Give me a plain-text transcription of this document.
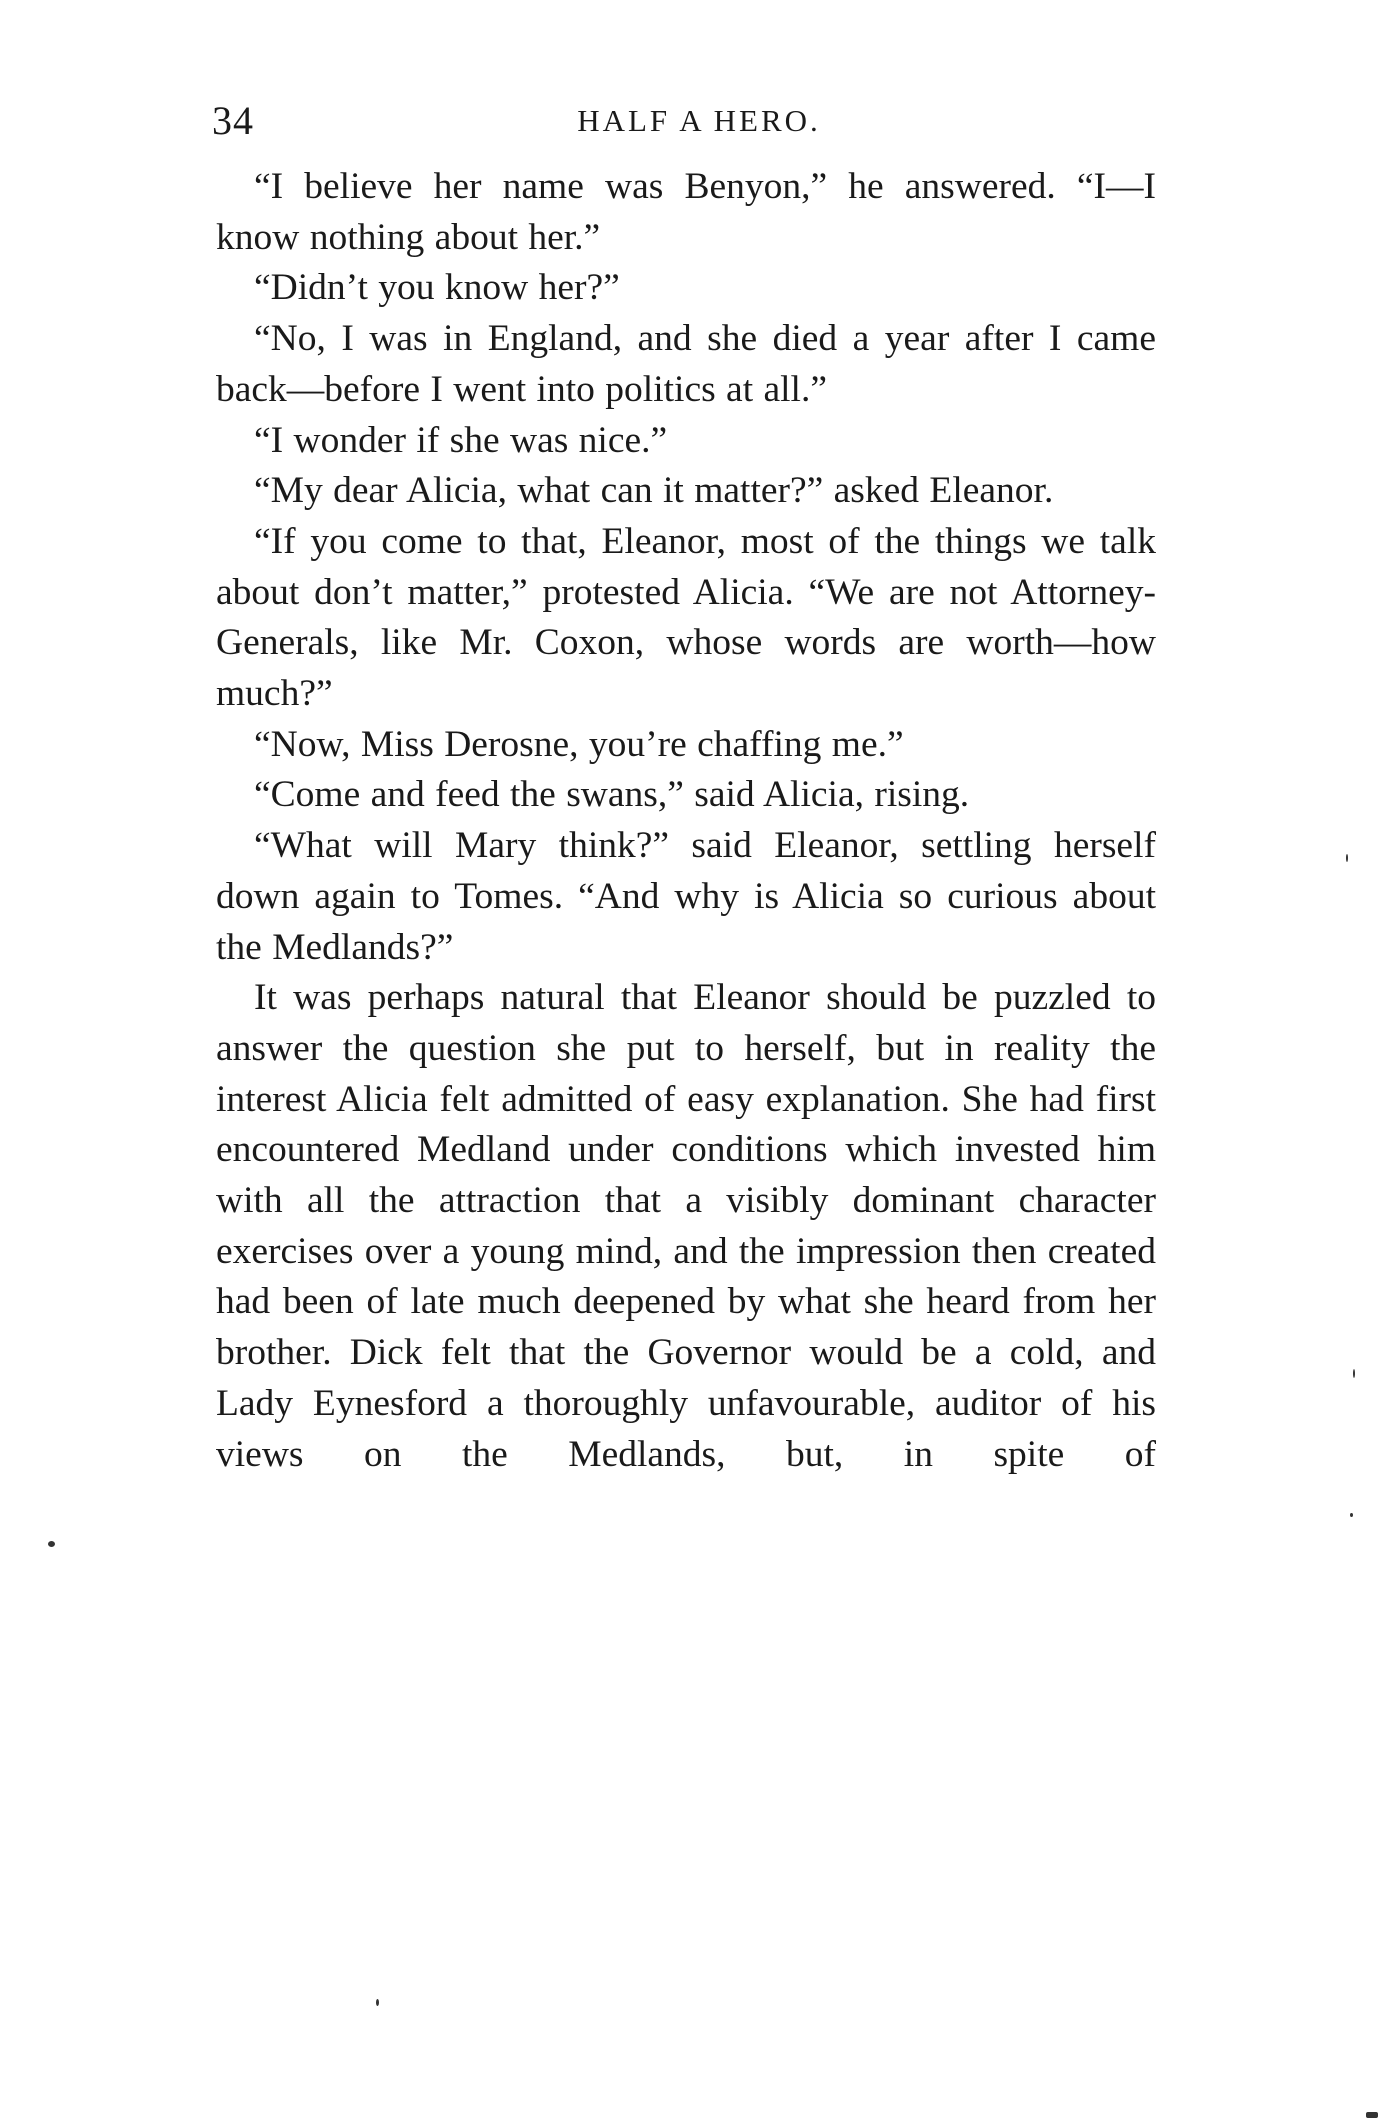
34	HALF A HERO.

“I believe her name was Benyon,” he answered. “I—I know nothing about her.”

“Didn’t you know her?”

“No, I was in England, and she died a year after I came back—before I went into politics at all.”

“I wonder if she was nice.”

“My dear Alicia, what can it matter?” asked Eleanor.

“If you come to that, Eleanor, most of the things we talk about don’t matter,” protested Alicia. “We are not Attorney-Generals, like Mr. Coxon, whose words are worth—how much?”

“Now, Miss Derosne, you’re chaffing me.”

“Come and feed the swans,” said Alicia, rising.

“What will Mary think?” said Eleanor, settling herself down again to Tomes. “And why is Alicia so curious about the Medlands?”

It was perhaps natural that Eleanor should be puzzled to answer the question she put to herself, but in reality the interest Alicia felt admitted of easy explanation. She had first encountered Medland under conditions which invested him with all the attraction that a visibly dominant character exercises over a young mind, and the impression then created had been of late much deepened by what she heard from her brother. Dick felt that the Governor would be a cold, and Lady Eynesford a thoroughly unfavourable, auditor of his views on the Medlands, but, in spite of
